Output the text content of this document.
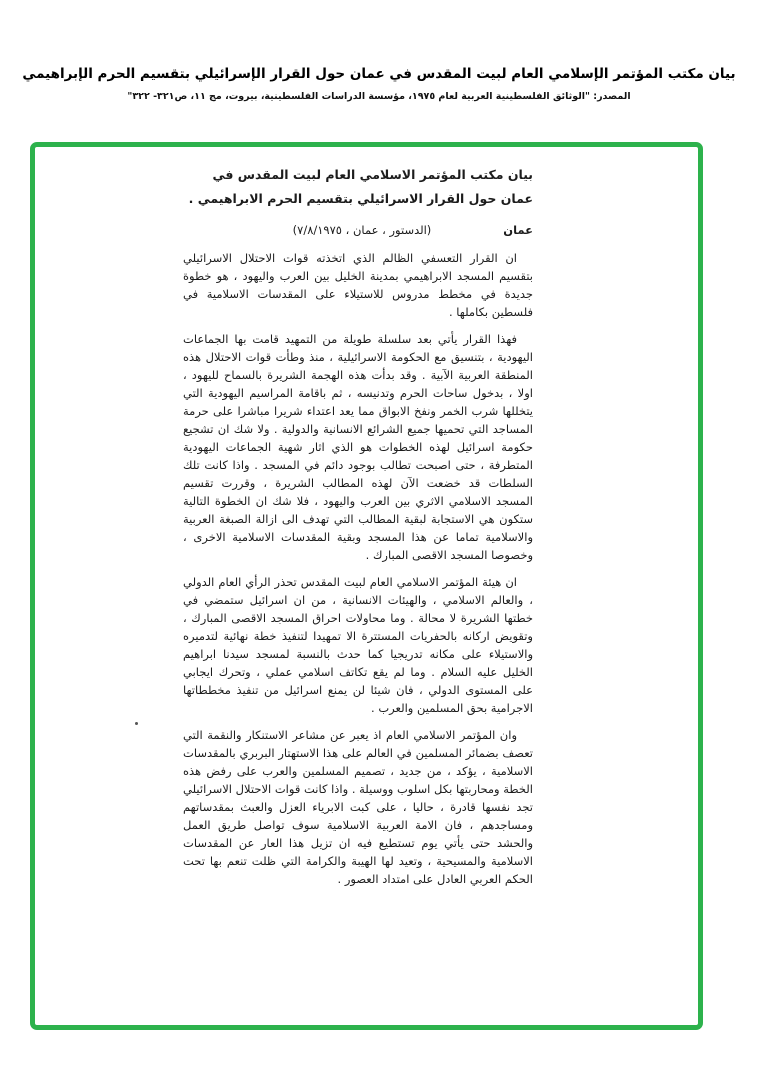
بيان مكتب المؤتمر الإسلامي العام لبيت المقدس في عمان حول القرار الإسرائيلي بتقسيم الحرم الإبراهيمي
المصدر: "الوثائق الفلسطينية العربية لعام ١٩٧٥، مؤسسة الدراسات الفلسطينية، بيروت، مج ١١، ص٣٢١- ٣٢٢"
بيان مكتب المؤتمر الاسلامي العام لبيت المقدس في عمان حول القرار الاسرائيلي بتقسيم الحرم الابراهيمي .
عمان
(الدستور ، عمان ، ٧/٨/١٩٧٥)

ان القرار التعسفي الظالم الذي اتخذته قوات الاحتلال الاسرائيلي بتقسيم المسجد الابراهيمي بمدينة الخليل بين العرب واليهود ، هو خطوة جديدة في مخطط مدروس للاستيلاء على المقدسات الاسلامية في فلسطين بكاملها .

فهذا القرار يأتي بعد سلسلة طويلة من التمهيد قامت بها الجماعات اليهودية ، بتنسيق مع الحكومة الاسرائيلية ، منذ وطأت قوات الاحتلال هذه المنطقة العربية الآبية . وقد بدأت هذه الهجمة الشريرة بالسماح لليهود ، اولا ، بدخول ساحات الحرم وتدنيسه ، ثم باقامة المراسيم اليهودية التي يتخللها شرب الخمر ونفخ الابواق مما يعد اعتداء شريرا مباشرا على حرمة المساجد التي تحميها جميع الشرائع الانسانية والدولية . ولا شك ان تشجيع حكومة اسرائيل لهذه الخطوات هو الذي اثار شهية الجماعات اليهودية المتطرفة ، حتى اصبحت تطالب بوجود دائم في المسجد . واذا كانت تلك السلطات قد خضعت الآن لهذه المطالب الشريرة ، وقررت تقسيم المسجد الاسلامي الاثري بين العرب واليهود ، فلا شك ان الخطوة التالية ستكون هي الاستجابة لبقية المطالب التي تهدف الى ازالة الصبغة العربية والاسلامية تماما عن هذا المسجد وبقية المقدسات الاسلامية الاخرى ، وخصوصا المسجد الاقصى المبارك .

ان هيئة المؤتمر الاسلامي العام لبيت المقدس تحذر الرأي العام الدولي ، والعالم الاسلامي ، والهيئات الانسانية ، من ان اسرائيل ستمضي في خطتها الشريرة لا محالة . وما محاولات احراق المسجد الاقصى المبارك ، وتقويض اركانه بالحفريات المستترة الا تمهيدا لتنفيذ خطة نهائية لتدميره والاستيلاء على مكانه تدريجيا كما حدث بالنسبة لمسجد سيدنا ابراهيم الخليل عليه السلام . وما لم يقع تكاتف اسلامي عملي ، وتحرك ايجابي على المستوى الدولي ، فان شيئا لن يمنع اسرائيل من تنفيذ مخططاتها الاجرامية بحق المسلمين والعرب .

وان المؤتمر الاسلامي العام اذ يعبر عن مشاعر الاستنكار والنقمة التي تعصف بضمائر المسلمين في العالم على هذا الاستهتار البربري بالمقدسات الاسلامية ، يؤكد ، من جديد ، تصميم المسلمين والعرب على رفض هذه الخطة ومحاربتها بكل اسلوب ووسيلة . واذا كانت قوات الاحتلال الاسرائيلي تجد نفسها قادرة ، حاليا ، على كبت الابرياء العزل والعبث بمقدساتهم ومساجدهم ، فان الامة العربية الاسلامية سوف تواصل طريق العمل والحشد حتى يأتي يوم تستطيع فيه ان تزيل هذا العار عن المقدسات الاسلامية والمسيحية ، وتعيد لها الهيبة والكرامة التي ظلت تنعم بها تحت الحكم العربي العادل على امتداد العصور .
